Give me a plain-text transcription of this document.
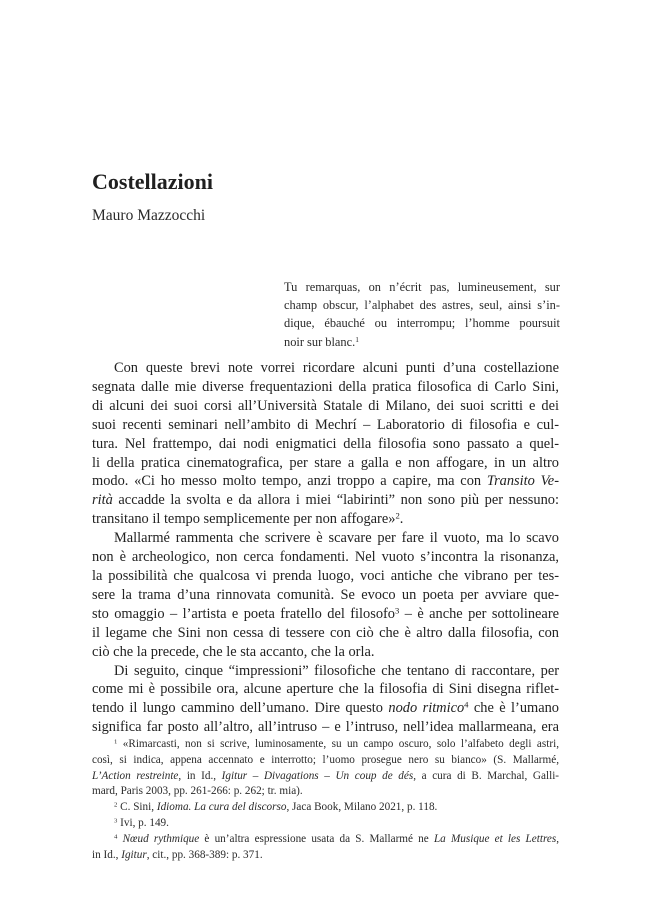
Costellazioni
Mauro Mazzocchi
Tu remarquas, on n’écrit pas, lumineusement, sur
champ obscur, l’alphabet des astres, seul, ainsi s’in-
dique, ébauché ou interrompu; l’homme poursuit
noir sur blanc.$^1$
Con queste brevi note vorrei ricordare alcuni punti d’una costellazione
segnata dalle mie diverse frequentazioni della pratica filosofica di Carlo Sini,
di alcuni dei suoi corsi all’Università Statale di Milano, dei suoi scritti e dei
suoi recenti seminari nell’ambito di Mechrí – Laboratorio di filosofia e cul-
tura. Nel frattempo, dai nodi enigmatici della filosofia sono passato a quel-
li della pratica cinematografica, per stare a galla e non affogare, in un altro
modo. «Ci ho messo molto tempo, anzi troppo a capire, ma con Transito Ve-
rità accadde la svolta e da allora i miei “labirinti” non sono più per nessuno:
transitano il tempo semplicemente per non affogare»$^2$.
Mallarmé rammenta che scrivere è scavare per fare il vuoto, ma lo scavo
non è archeologico, non cerca fondamenti. Nel vuoto s’incontra la risonanza,
la possibilità che qualcosa vi prenda luogo, voci antiche che vibrano per tes-
sere la trama d’una rinnovata comunità. Se evoco un poeta per avviare que-
sto omaggio – l’artista e poeta fratello del filosofo$^3$ – è anche per sottolineare
il legame che Sini non cessa di tessere con ciò che è altro dalla filosofia, con
ciò che la precede, che le sta accanto, che la orla.
Di seguito, cinque “impressioni” filosofiche che tentano di raccontare, per
come mi è possibile ora, alcune aperture che la filosofia di Sini disegna riflet-
tendo il lungo cammino dell’umano. Dire questo nodo ritmico$^4$ che è l’umano
significa far posto all’altro, all’intruso – e l’intruso, nell’idea mallarmeana, era
$^1$ «Rimarcasti, non si scrive, luminosamente, su un campo oscuro, solo l’alfabeto degli astri,
così, si indica, appena accennato e interrotto; l’uomo prosegue nero su bianco» (S. Mallarmé,
L’Action restreinte, in Id., Igitur – Divagations – Un coup de dés, a cura di B. Marchal, Galli-
mard, Paris 2003, pp. 261-266: p. 262; tr. mia).
$^2$ C. Sini, Idioma. La cura del discorso, Jaca Book, Milano 2021, p. 118.
$^3$ Ivi, p. 149.
$^4$ Nœud rythmique è un’altra espressione usata da S. Mallarmé ne La Musique et les Lettres,
in Id., Igitur, cit., pp. 368-389: p. 371.
